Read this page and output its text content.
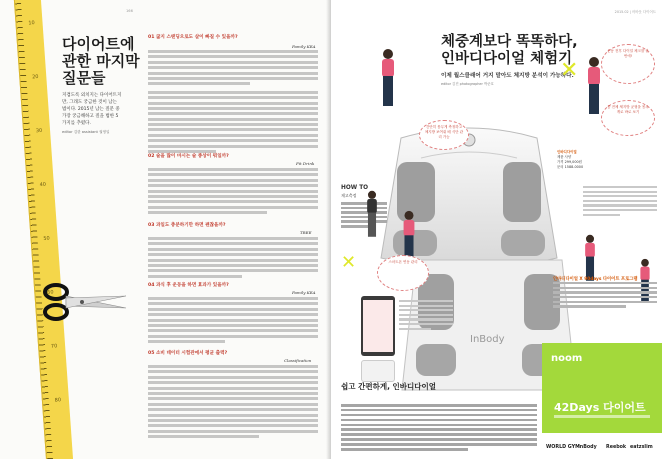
10
20
30
40
50
60
70
80
다이어트에
관한 마지막
질문들
지겹도록 외치지는 다이어트지만, 그래도 궁금한 것이 남는 법이다. 2015년 남는 질문 중 가장 궁금해하고 질을 법한 5가지를 추렸다.
editor 김한 assistant 권영일
166
01 굶지 스탠딩으로도 살이 빠질 수 있을까?
Family KEA
02 술을 많이 마시는 술 종상이 뭐일까?
Fit Drink
03 과일도 충분하기만 하면 괜찮을까?
TREE
04 과식 후 운동을 하면 효과가 있을까?
Family KEA
05 소비 데이터 시험관에서 평균 출력?
Classification
2015.02 | 어바웃 다이어트
체중계보다 똑똑하다,
인바디다이얼 체험기
이제 월스클래어 거지 말아도 체지방 분석이 가능하다.
editor 김진 photographer 박준호
InBody
HOW TO
재고측정
간단히 몸무게 측정하고 체지방 보여줘 배 식단 관리 가능
운동 전후 다이얼 체크를 한 번에!
몸 전체 체지방 균형을 몸무게로 바로 보기
스마트폰 연동 관리
✕
✕
인바디다이얼
제품 사양
가격 299,000원
문의 1588-0000
인바디다이얼 X 90days 다이어트 프로그램
쉽고 간편하게, 인바디다이얼
noom
42Days 다이어트
WORLD GYM
InBody Reebok eatzslim
